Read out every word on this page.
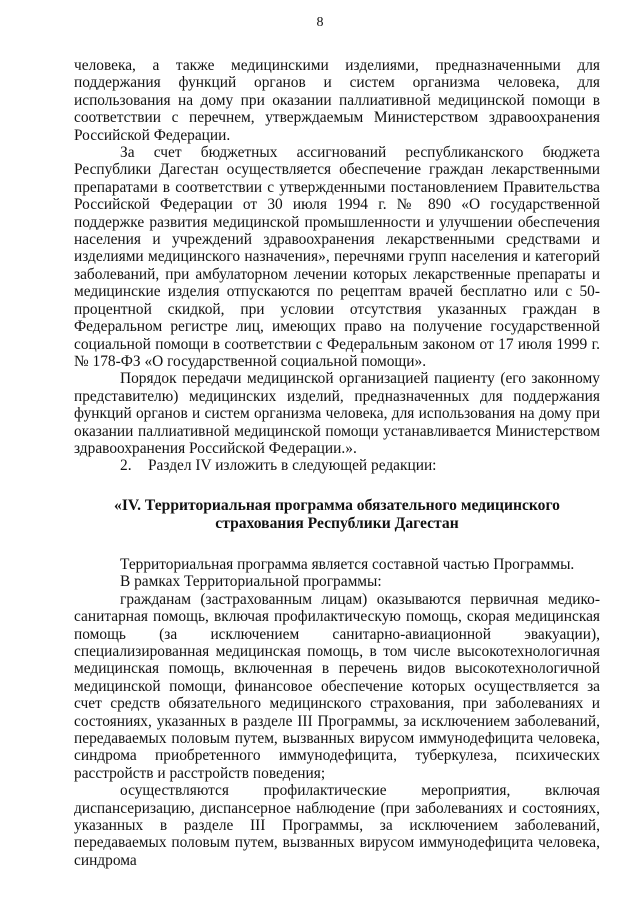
8

человека, а также медицинскими изделиями, предназначенными для поддержания функций органов и систем организма человека, для использования на дому при оказании паллиативной медицинской помощи в соответствии с перечнем, утверждаемым Министерством здравоохранения Российской Федерации.

За счет бюджетных ассигнований республиканского бюджета Республики Дагестан осуществляется обеспечение граждан лекарственными препаратами в соответствии с утвержденными постановлением Правительства Российской Федерации от 30 июля 1994 г. № 890 «О государственной поддержке развития медицинской промышленности и улучшении обеспечения населения и учреждений здравоохранения лекарственными средствами и изделиями медицинского назначения», перечнями групп населения и категорий заболеваний, при амбулаторном лечении которых лекарственные препараты и медицинские изделия отпускаются по рецептам врачей бесплатно или с 50-процентной скидкой, при условии отсутствия указанных граждан в Федеральном регистре лиц, имеющих право на получение государственной социальной помощи в соответствии с Федеральным законом от 17 июля 1999 г. № 178-ФЗ «О государственной социальной помощи».

Порядок передачи медицинской организацией пациенту (его законному представителю) медицинских изделий, предназначенных для поддержания функций органов и систем организма человека, для использования на дому при оказании паллиативной медицинской помощи устанавливается Министерством здравоохранения Российской Федерации.».

2. Раздел IV изложить в следующей редакции:

«IV. Территориальная программа обязательного медицинского страхования Республики Дагестан

Территориальная программа является составной частью Программы.

В рамках Территориальной программы:

гражданам (застрахованным лицам) оказываются первичная медико-санитарная помощь, включая профилактическую помощь, скорая медицинская помощь (за исключением санитарно-авиационной эвакуации), специализированная медицинская помощь, в том числе высокотехнологичная медицинская помощь, включенная в перечень видов высокотехнологичной медицинской помощи, финансовое обеспечение которых осуществляется за счет средств обязательного медицинского страхования, при заболеваниях и состояниях, указанных в разделе III Программы, за исключением заболеваний, передаваемых половым путем, вызванных вирусом иммунодефицита человека, синдрома приобретенного иммунодефицита, туберкулеза, психических расстройств и расстройств поведения;

осуществляются профилактические мероприятия, включая диспансеризацию, диспансерное наблюдение (при заболеваниях и состояниях, указанных в разделе III Программы, за исключением заболеваний, передаваемых половым путем, вызванных вирусом иммунодефицита человека, синдрома
